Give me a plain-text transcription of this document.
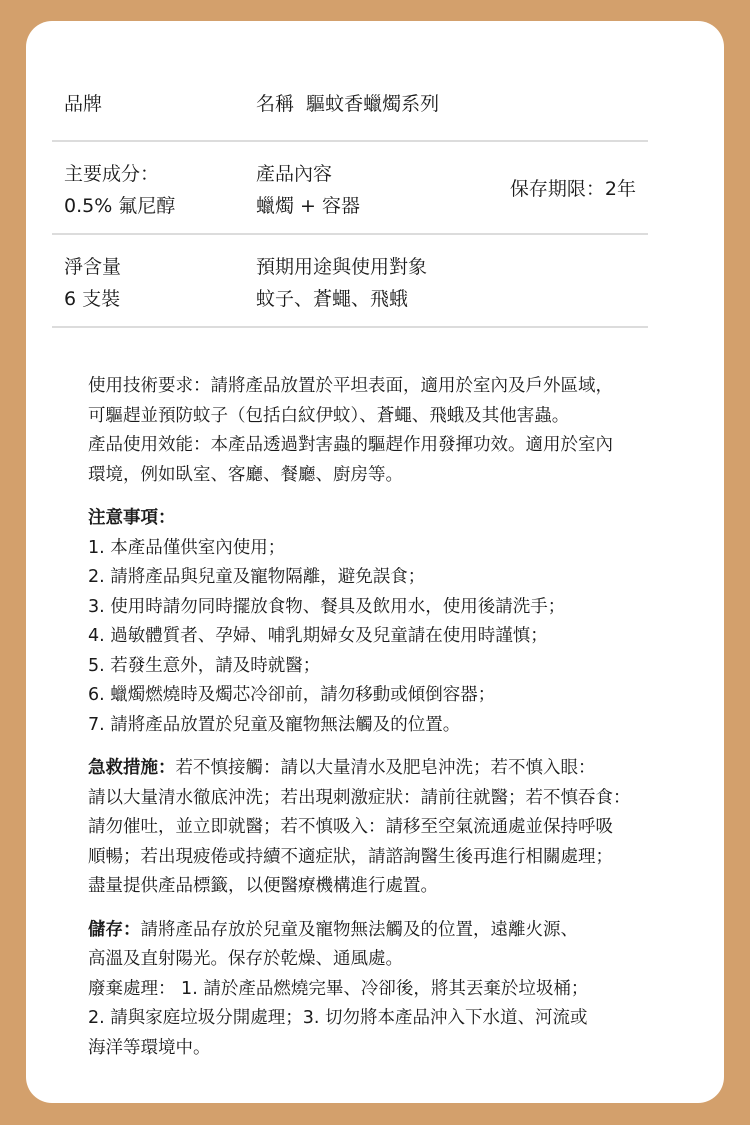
品牌	名稱  驅蚊香蠟燭系列
主要成分：
0.5% 氟尼醇
產品內容
蠟燭 + 容器
保存期限：2年
淨含量
6 支裝
預期用途與使用對象
蚊子、蒼蠅、飛蛾

使用技術要求：請將產品放置於平坦表面，適用於室內及戶外區域，

可驅趕並預防蚊子（包括白紋伊蚊）、蒼蠅、飛蛾及其他害蟲。

產品使用效能：本產品透過對害蟲的驅趕作用發揮功效。適用於室內

環境，例如臥室、客廳、餐廳、廚房等。

注意事項：

1. 本產品僅供室內使用；

2. 請將產品與兒童及寵物隔離，避免誤食；

3. 使用時請勿同時擺放食物、餐具及飲用水，使用後請洗手；

4. 過敏體質者、孕婦、哺乳期婦女及兒童請在使用時謹慎；

5. 若發生意外，請及時就醫；

6. 蠟燭燃燒時及燭芯冷卻前，請勿移動或傾倒容器；

7. 請將產品放置於兒童及寵物無法觸及的位置。

急救措施：若不慎接觸：請以大量清水及肥皂沖洗；若不慎入眼：

請以大量清水徹底沖洗；若出現刺激症狀：請前往就醫；若不慎吞食：

請勿催吐，並立即就醫；若不慎吸入：請移至空氣流通處並保持呼吸

順暢；若出現疲倦或持續不適症狀，請諮詢醫生後再進行相關處理；

盡量提供產品標籤，以便醫療機構進行處置。

儲存：請將產品存放於兒童及寵物無法觸及的位置，遠離火源、

高溫及直射陽光。保存於乾燥、通風處。

廢棄處理： 1. 請於產品燃燒完畢、冷卻後，將其丟棄於垃圾桶；

2. 請與家庭垃圾分開處理；3. 切勿將本產品沖入下水道、河流或

海洋等環境中。
